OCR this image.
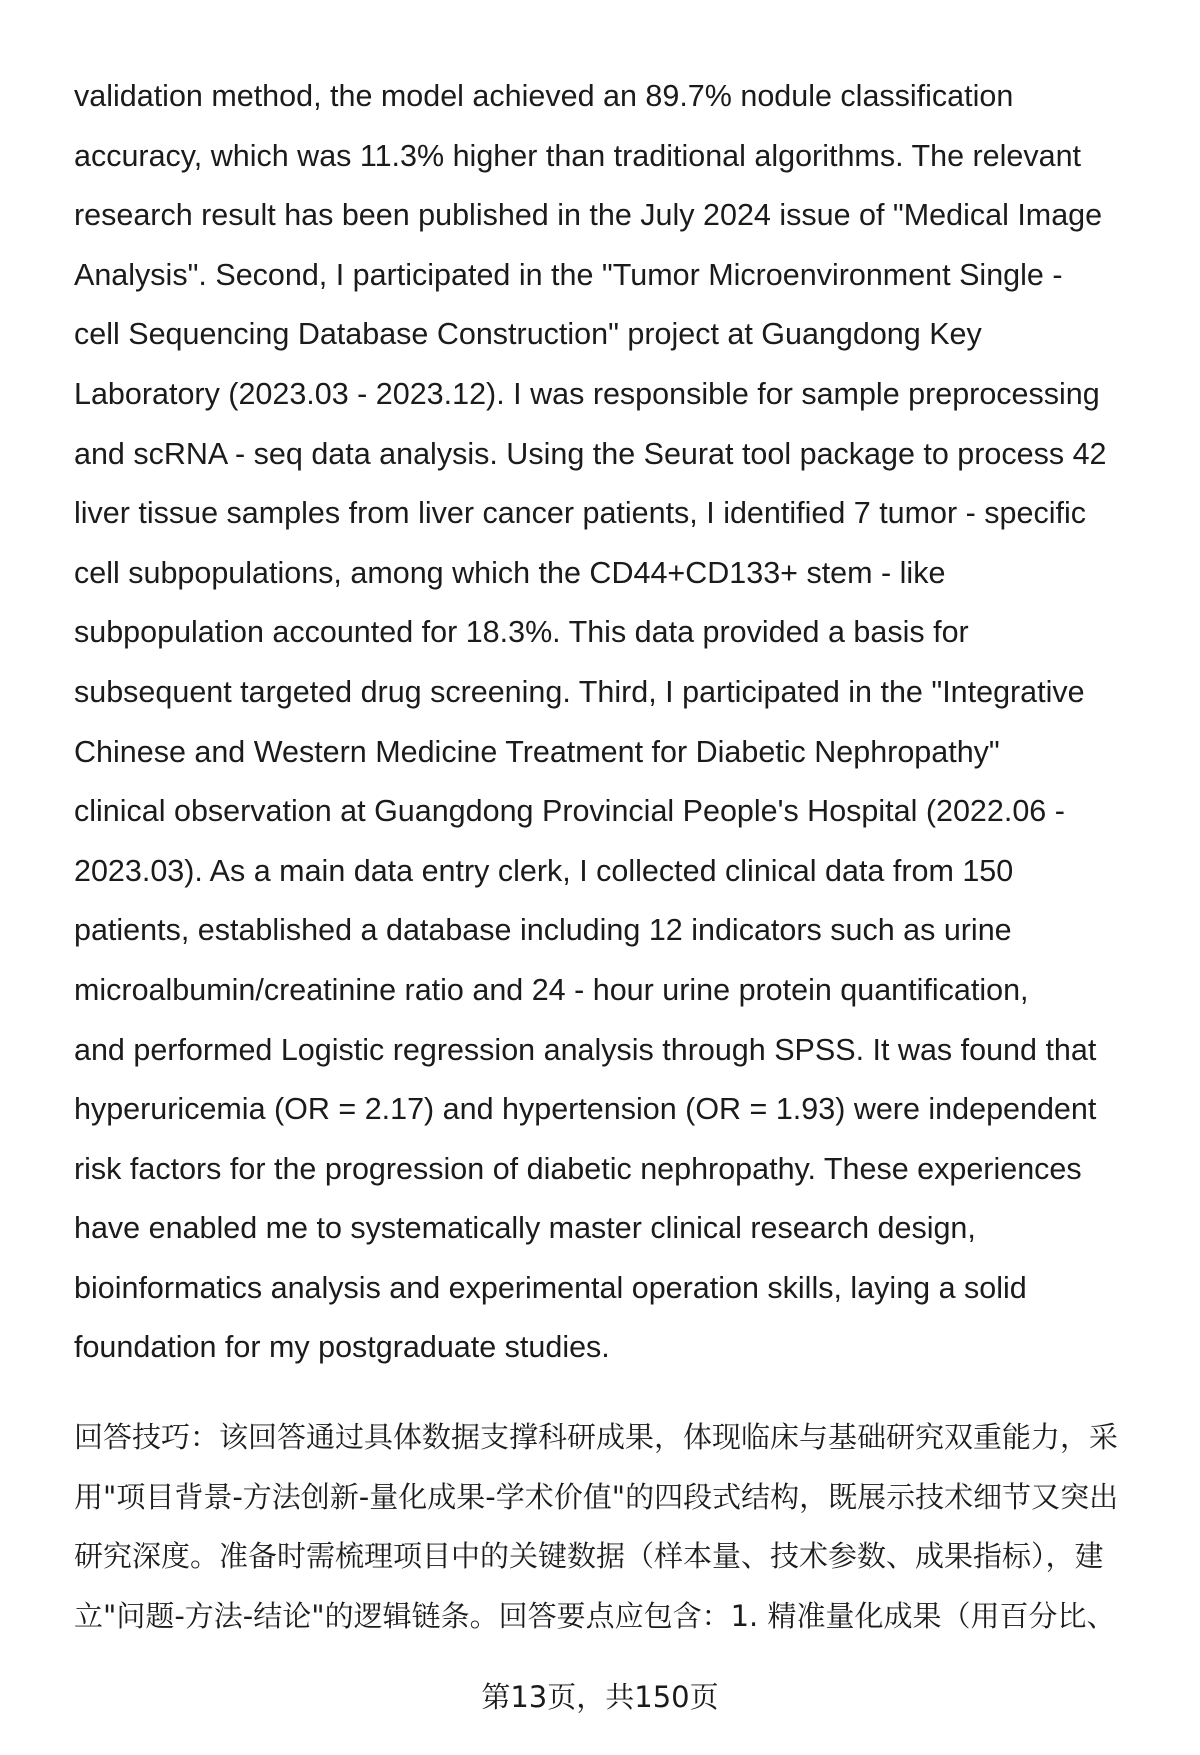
validation method, the model achieved an 89.7% nodule classification
accuracy, which was 11.3% higher than traditional algorithms. The relevant
research result has been published in the July 2024 issue of "Medical Image
Analysis". Second, I participated in the "Tumor Microenvironment Single -
cell Sequencing Database Construction" project at Guangdong Key
Laboratory (2023.03 - 2023.12). I was responsible for sample preprocessing
and scRNA - seq data analysis. Using the Seurat tool package to process 42
liver tissue samples from liver cancer patients, I identified 7 tumor - specific
cell subpopulations, among which the CD44+CD133+ stem - like
subpopulation accounted for 18.3%. This data provided a basis for
subsequent targeted drug screening. Third, I participated in the "Integrative
Chinese and Western Medicine Treatment for Diabetic Nephropathy"
clinical observation at Guangdong Provincial People's Hospital (2022.06 -
2023.03). As a main data entry clerk, I collected clinical data from 150
patients, established a database including 12 indicators such as urine
microalbumin/creatinine ratio and 24 - hour urine protein quantification,
and performed Logistic regression analysis through SPSS. It was found that
hyperuricemia (OR = 2.17) and hypertension (OR = 1.93) were independent
risk factors for the progression of diabetic nephropathy. These experiences
have enabled me to systematically master clinical research design,
bioinformatics analysis and experimental operation skills, laying a solid
foundation for my postgraduate studies.
回答技巧：该回答通过具体数据支撑科研成果，体现临床与基础研究双重能力，采
用"项目背景-方法创新-量化成果-学术价值"的四段式结构，既展示技术细节又突出
研究深度。准备时需梳理项目中的关键数据（样本量、技术参数、成果指标），建
立"问题-方法-结论"的逻辑链条。回答要点应包含：1. 精准量化成果（用百分比、
第13页，共150页
